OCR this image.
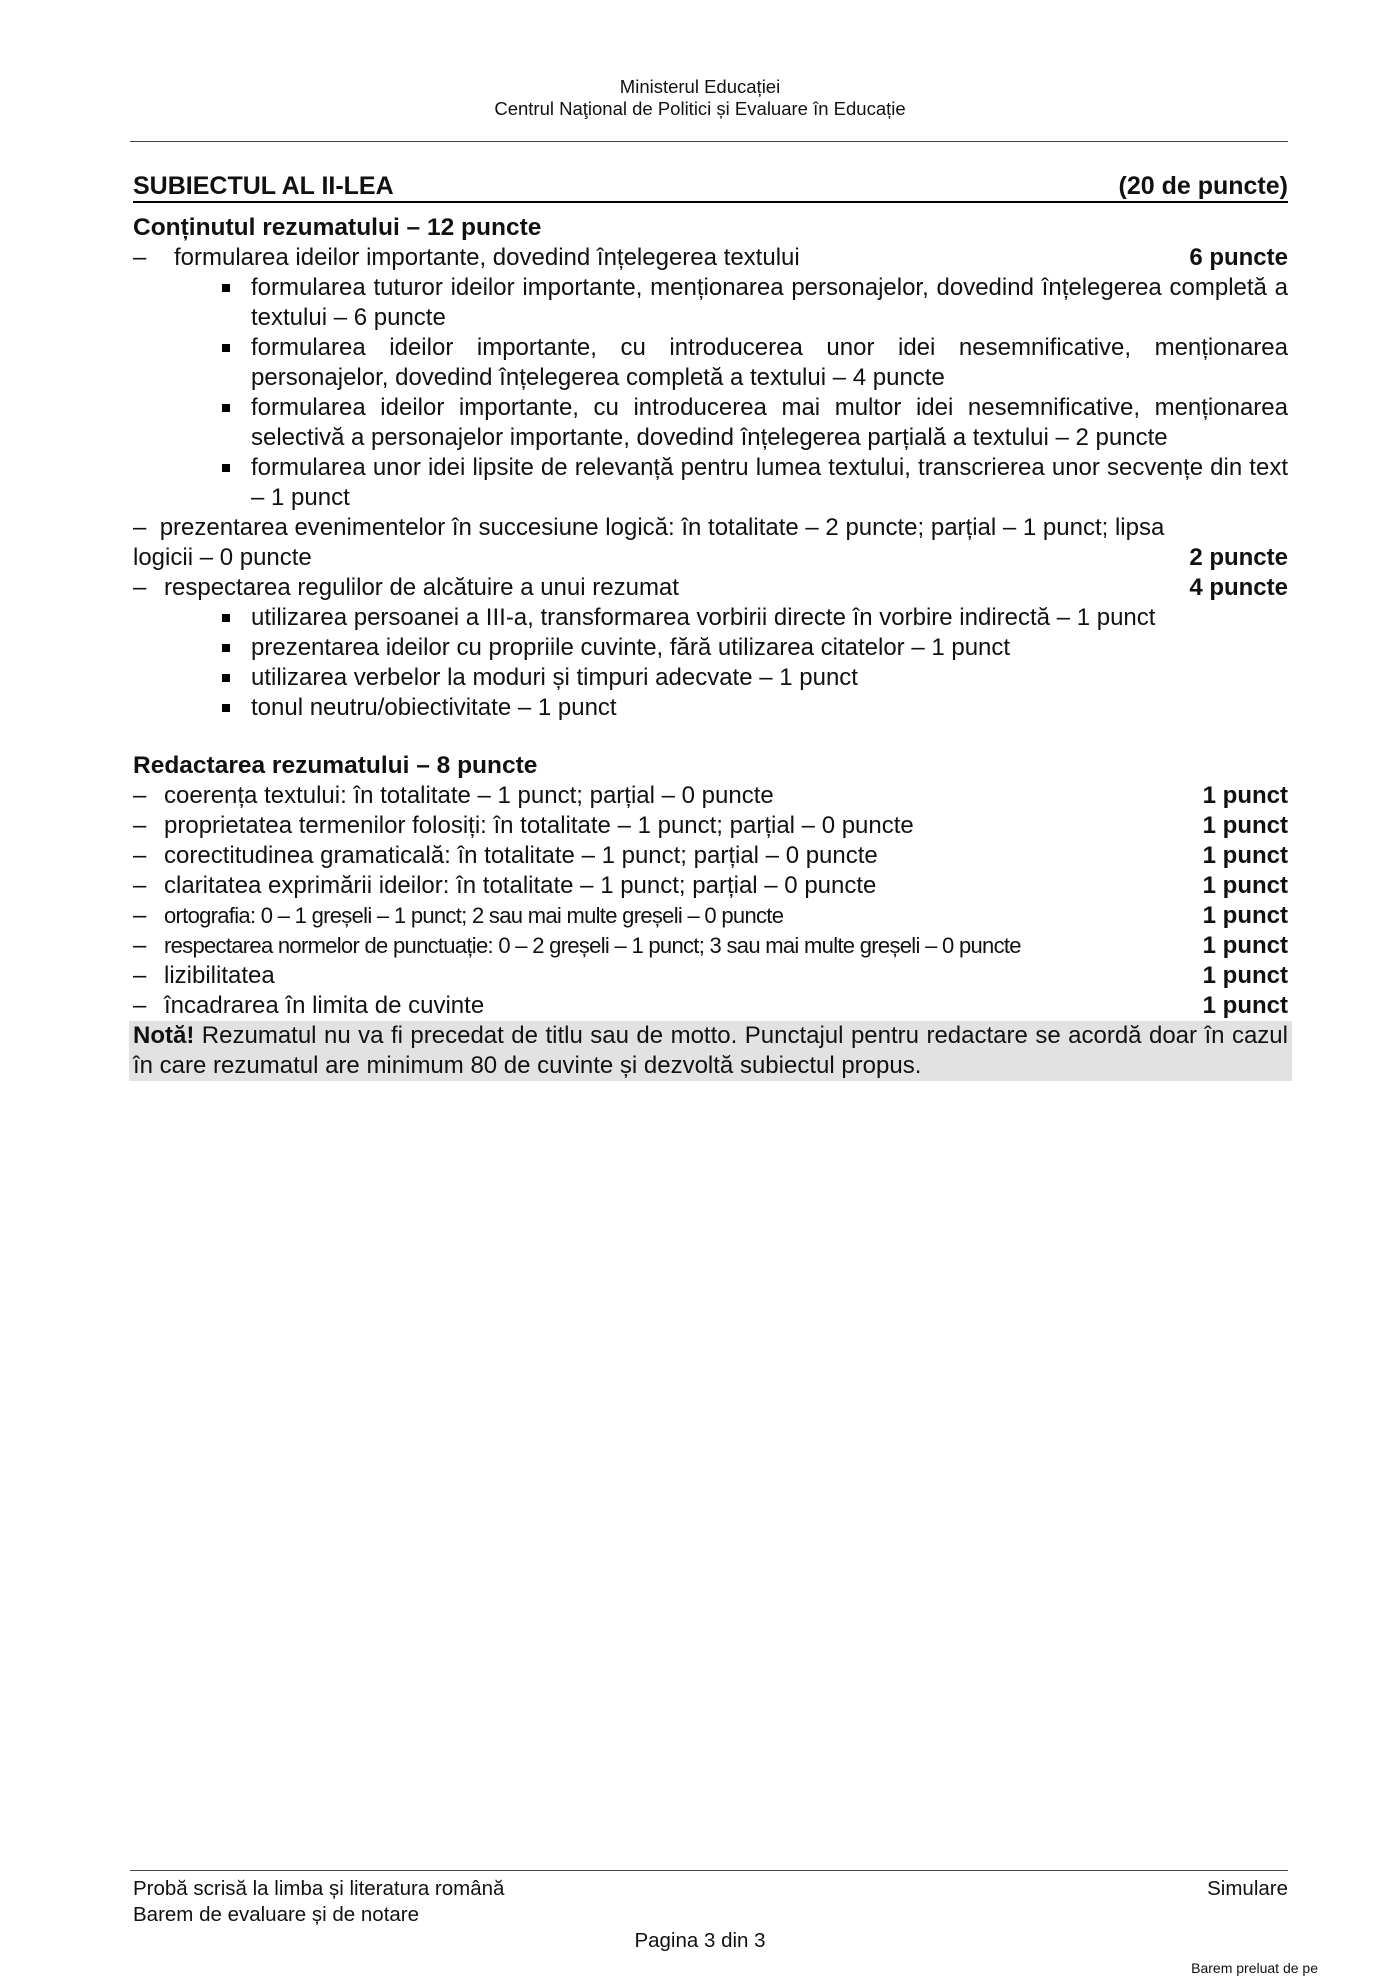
Ministerul Educației
Centrul Naţional de Politici și Evaluare în Educație
SUBIECTUL AL II-LEA	(20 de puncte)
Conținutul rezumatului – 12 puncte
– formularea ideilor importante, dovedind înțelegerea textului	6 puncte
formularea tuturor ideilor importante, menționarea personajelor, dovedind înțelegerea completă a textului – 6 puncte
formularea ideilor importante, cu introducerea unor idei nesemnificative, menționarea personajelor, dovedind înțelegerea completă a textului – 4 puncte
formularea ideilor importante, cu introducerea mai multor idei nesemnificative, menționarea selectivă a personajelor importante, dovedind înțelegerea parțială a textului – 2 puncte
formularea unor idei lipsite de relevanță pentru lumea textului, transcrierea unor secvențe din text – 1 punct
– prezentarea evenimentelor în succesiune logică: în totalitate – 2 puncte; parțial – 1 punct; lipsa
logicii – 0 puncte	2 puncte
– respectarea regulilor de alcătuire a unui rezumat	4 puncte
utilizarea persoanei a III-a, transformarea vorbirii directe în vorbire indirectă – 1 punct
prezentarea ideilor cu propriile cuvinte, fără utilizarea citatelor – 1 punct
utilizarea verbelor la moduri și timpuri adecvate – 1 punct
tonul neutru/obiectivitate – 1 punct
Redactarea rezumatului – 8 puncte
– coerența textului: în totalitate – 1 punct; parțial – 0 puncte	1 punct
– proprietatea termenilor folosiți: în totalitate – 1 punct; parțial – 0 puncte	1 punct
– corectitudinea gramaticală: în totalitate – 1 punct; parțial – 0 puncte	1 punct
– claritatea exprimării ideilor: în totalitate – 1 punct; parțial – 0 puncte	1 punct
– ortografia: 0 – 1 greșeli – 1 punct; 2 sau mai multe greșeli – 0 puncte	1 punct
– respectarea normelor de punctuație: 0 – 2 greșeli – 1 punct; 3 sau mai multe greșeli – 0 puncte	1 punct
– lizibilitatea	1 punct
– încadrarea în limita de cuvinte	1 punct
Notă! Rezumatul nu va fi precedat de titlu sau de motto. Punctajul pentru redactare se acordă doar în cazul în care rezumatul are minimum 80 de cuvinte și dezvoltă subiectul propus.
Probă scrisă la limba și literatura română
Barem de evaluare și de notare
Simulare
Pagina 3 din 3
Barem preluat de pe
